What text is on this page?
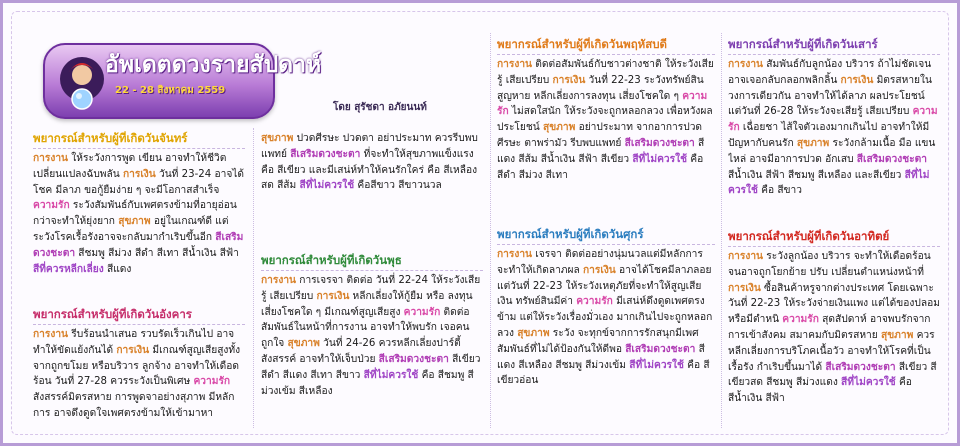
อัพเดตดวงรายสัปดาห์
22 - 28 สิงหาคม 2559
โดย สุรัชดา อภัยนนท์
พยากรณ์สำหรับผู้ที่เกิดวันจันทร์

การงาน ให้ระวังการพูด เขียน อาจทำให้ชีวิตเปลี่ยนแปลงฉับพลัน การเงิน วันที่ 23-24 อาจได้โชค มีลาภ ขอกู้ยืมง่าย ๆ จะมีโอกาสสำเร็จ ความรัก ระวังสัมพันธ์กับเพศตรงข้ามที่อายุอ่อนกว่าจะทำให้ยุ่งยาก สุขภาพ อยู่ในเกณฑ์ดี แต่ระวังโรคเรื้อรังอาจจะกลับมากำเริบขึ้นอีก สีเสริมดวงชะตา สีชมพู สีม่วง สีดำ สีเทา สีน้ำเงิน สีฟ้า สีที่ควรหลีกเลี่ยง สีแดง

พยากรณ์สำหรับผู้ที่เกิดวันอังคาร

การงาน รีบร้อนนำเสนอ รวบรัดเร็วเกินไป อาจทำให้ขัดแย้งกันได้ การเงิน มีเกณฑ์สูญเสียสูงทั้งจากถูกขโมย หรือบริวาร ลูกจ้าง อาจทำให้เดือดร้อน วันที่ 27-28 ควรระวังเป็นพิเศษ ความรัก สังสรรค์มิตรสหาย การพูดจาอย่างสุภาพ มีหลักการ อาจดึงดูดใจเพศตรงข้ามให้เข้ามาหา

สุขภาพ ปวดศีรษะ ปวดตา อย่าประมาท ควรรีบพบแพทย์ สีเสริมดวงชะตา ที่จะทำให้สุขภาพแข็งแรงคือ สีเขียว และมีเสน่ห์ทำให้คนรักใคร่ คือ สีเหลืองสด สีส้ม สีที่ไม่ควรใช้ คือสีขาว สีขาวนวล

พยากรณ์สำหรับผู้ที่เกิดวันพุธ

การงาน การเจรจา ติดต่อ วันที่ 22-24 ให้ระวังเสียรู้ เสียเปรียบ การเงิน หลีกเลี่ยงให้กู้ยืม หรือ ลงทุน เสี่ยงโชคใด ๆ มีเกณฑ์สูญเสียสูง ความรัก ติดต่อ สัมพันธ์ในหน้าที่การงาน อาจทำให้พบรัก เจอคนถูกใจ สุขภาพ วันที่ 24-26 ควรหลีกเลี่ยงปาร์ตี้สังสรรค์ อาจทำให้เจ็บป่วย สีเสริมดวงชะตา สีเขียว สีดำ สีแดง สีเทา สีขาว สีที่ไม่ควรใช้ คือ สีชมพู สีม่วงเข้ม สีเหลือง

พยากรณ์สำหรับผู้ที่เกิดวันพฤหัสบดี

การงาน ติดต่อสัมพันธ์กับชาวต่างชาติ ให้ระวังเสียรู้ เสียเปรียบ การเงิน วันที่ 22-23 ระวังทรัพย์สินสูญหาย หลีกเลี่ยงการลงทุน เสี่ยงโชคใด ๆ ความรัก ไม่สดใสนัก ให้ระวังจะถูกหลอกลวง เพื่อหวังผลประโยชน์ สุขภาพ อย่าประมาท จากอาการปวดศีรษะ ตาพร่ามัว รีบพบแพทย์ สีเสริมดวงชะตา สีแดง สีส้ม สีน้ำเงิน สีฟ้า สีเขียว สีที่ไม่ควรใช้ คือ สีดำ สีม่วง สีเทา

พยากรณ์สำหรับผู้ที่เกิดวันศุกร์

การงาน เจรจา ติดต่ออย่างนุ่มนวลแต่มีหลักการ จะทำให้เกิดลาภผล การเงิน อาจได้โชคมีลาภลอย แต่วันที่ 22-23 ให้ระวังเหตุภัยที่จะทำให้สูญเสียเงิน ทรัพย์สินมีค่า ความรัก มีเสน่ห์ดึงดูดเพศตรงข้าม แต่ให้ระวังเรื่องมั่วเอง มากเกินไปจะถูกหลอกลวง สุขภาพ ระวัง จะทุกข์จากการรักสนุกมีเพศสัมพันธ์ที่ไม่ได้ป้องกันให้ดีพอ สีเสริมดวงชะตา สีแดง สีเหลือง สีชมพู สีม่วงเข้ม สีที่ไม่ควรใช้ คือ สีเขียวอ่อน

พยากรณ์สำหรับผู้ที่เกิดวันเสาร์

การงาน สัมพันธ์กับลูกน้อง บริวาร ถ้าไม่ชัดเจน อาจเจอกลับกลอกพลิกลิ้น การเงิน มิตรสหายในวงการเดียวกัน อาจทำให้ได้ลาภ ผลประโยชน์ แต่วันที่ 26-28 ให้ระวังจะเสียรู้ เสียเปรียบ ความรัก เฉื่อยชา ไส้ใจตัวเองมากเกินไป อาจทำให้มีปัญหากับคนรัก สุขภาพ ระวังกล้ามเนื้อ มือ แขน ไหล่ อาจมีอาการปวด อักเสบ สีเสริมดวงชะตา สีน้ำเงิน สีฟ้า สีชมพู สีเหลือง และสีเขียว สีที่ไม่ควรใช้ คือ สีขาว

พยากรณ์สำหรับผู้ที่เกิดวันอาทิตย์

การงาน ระวังลูกน้อง บริวาร จะทำให้เดือดร้อน จนอาจถูกโยกย้าย ปรับ เปลี่ยนตำแหน่งหน้าที่ การเงิน ซื้อสินค้าหรูจากต่างประเทศ โดยเฉพาะวันที่ 22-23 ให้ระวังจ่ายเงินแพง แต่ได้ของปลอมหรือมีตำหนิ ความรัก สุดสัปดาห์ อาจพบรักจากการเข้าสังคม สมาคมกับมิตรสหาย สุขภาพ ควรหลีกเลี่ยงการบริโภคเนื้อวัว อาจทำให้โรคที่เป็นเรื้อรัง กำเริบขึ้นมาได้ สีเสริมดวงชะตา สีเขียว สีเขียวสด สีชมพู สีม่วงแดง สีที่ไม่ควรใช้ คือสีน้ำเงิน สีฟ้า
